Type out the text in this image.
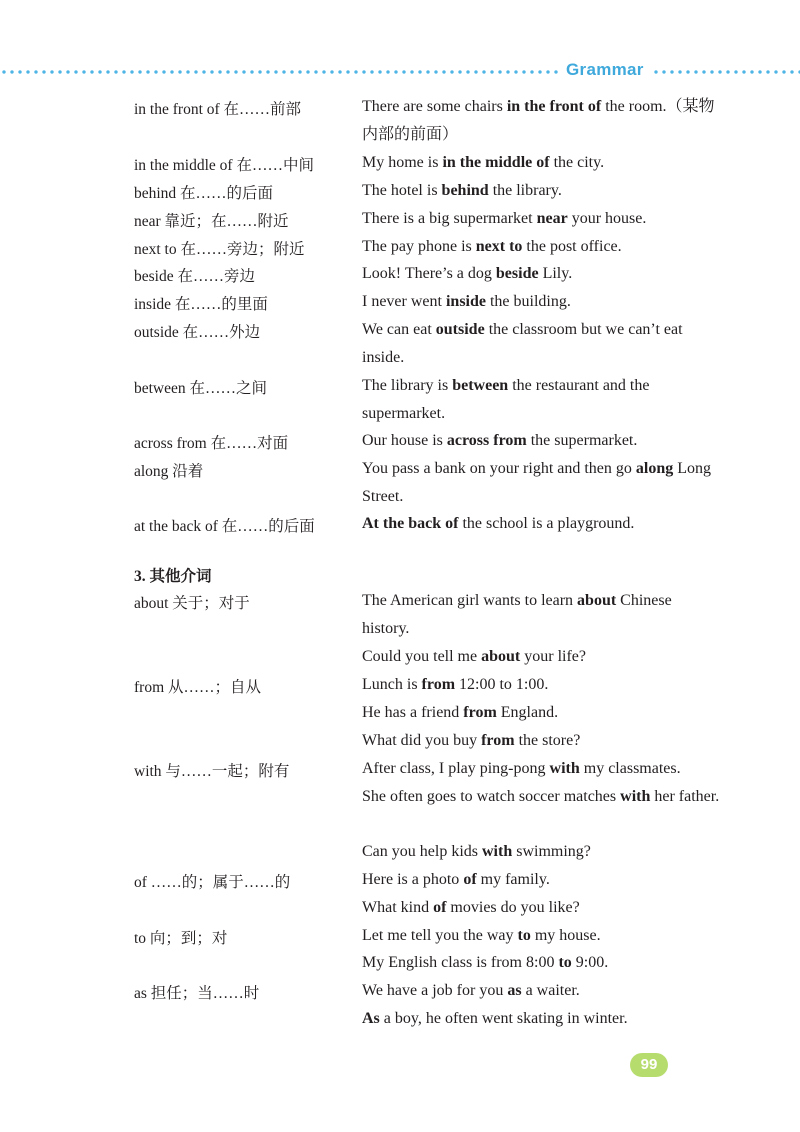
Grammar
in the front of 在……前部	There are some chairs in the front of the room.（某物内部的前面）
in the middle of 在……中间	My home is in the middle of the city.
behind 在……的后面	The hotel is behind the library.
near 靠近；在……附近	There is a big supermarket near your house.
next to 在……旁边；附近	The pay phone is next to the post office.
beside 在……旁边	Look! There’s a dog beside Lily.
inside 在……的里面	I never went inside the building.
outside 在……外边	We can eat outside the classroom but we can’t eat inside.
between 在……之间	The library is between the restaurant and the supermarket.
across from 在……对面	Our house is across from the supermarket.
along 沿着	You pass a bank on your right and then go along Long Street.
at the back of 在……的后面	At the back of the school is a playground.
3. 其他介词
about 关于；对于	The American girl wants to learn about Chinese history.
Could you tell me about your life?
from 从……；自从	Lunch is from 12:00 to 1:00.
He has a friend from England.
What did you buy from the store?
with 与……一起；附有	After class, I play ping-pong with my classmates.
She often goes to watch soccer matches with her father.
Can you help kids with swimming?
of ……的；属于……的	Here is a photo of my family.
What kind of movies do you like?
to 向；到；对	Let me tell you the way to my house.
My English class is from 8:00 to 9:00.
as 担任；当……时	We have a job for you as a waiter.
As a boy, he often went skating in winter.
99
